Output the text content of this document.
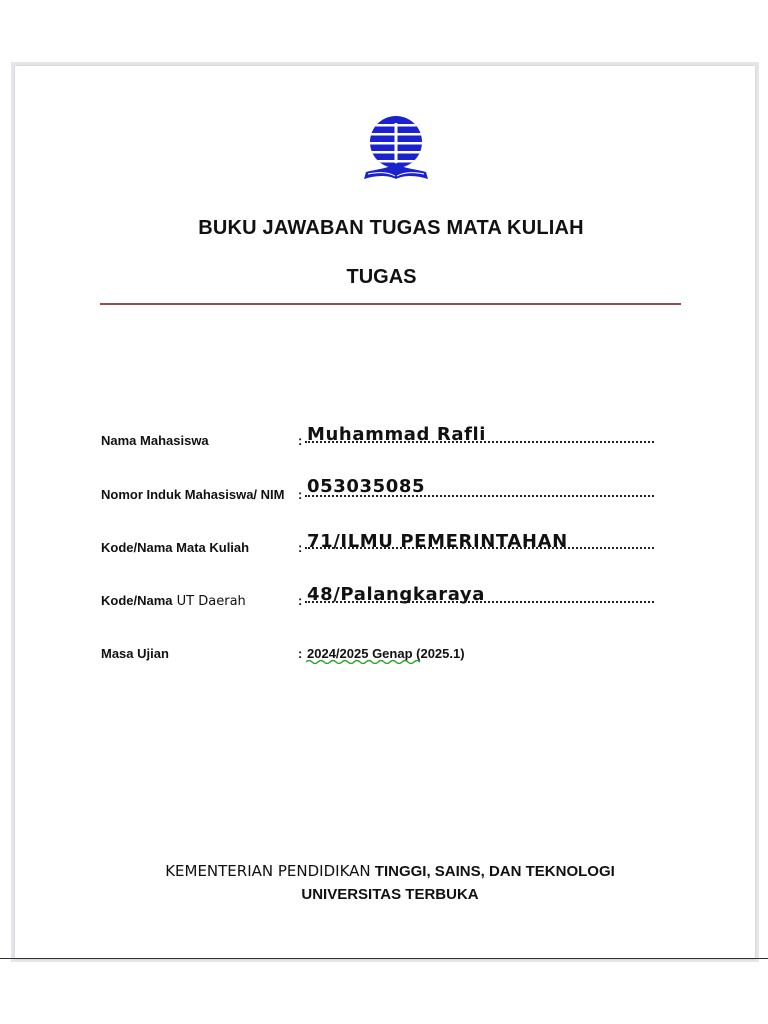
BUKU JAWABAN TUGAS MATA KULIAH
TUGAS
Nama Mahasiswa	: Muhammad Rafli
Nomor Induk Mahasiswa/ NIM : 053035085
Kode/Nama Mata Kuliah	: 71/ILMU PEMERINTAHAN
Kode/Nama UT Daerah	: 48/Palangkaraya
Masa Ujian	: 2024/2025 Genap (2025.1)
KEMENTERIAN PENDIDIKAN TINGGI, SAINS, DAN TEKNOLOGI
UNIVERSITAS TERBUKA
